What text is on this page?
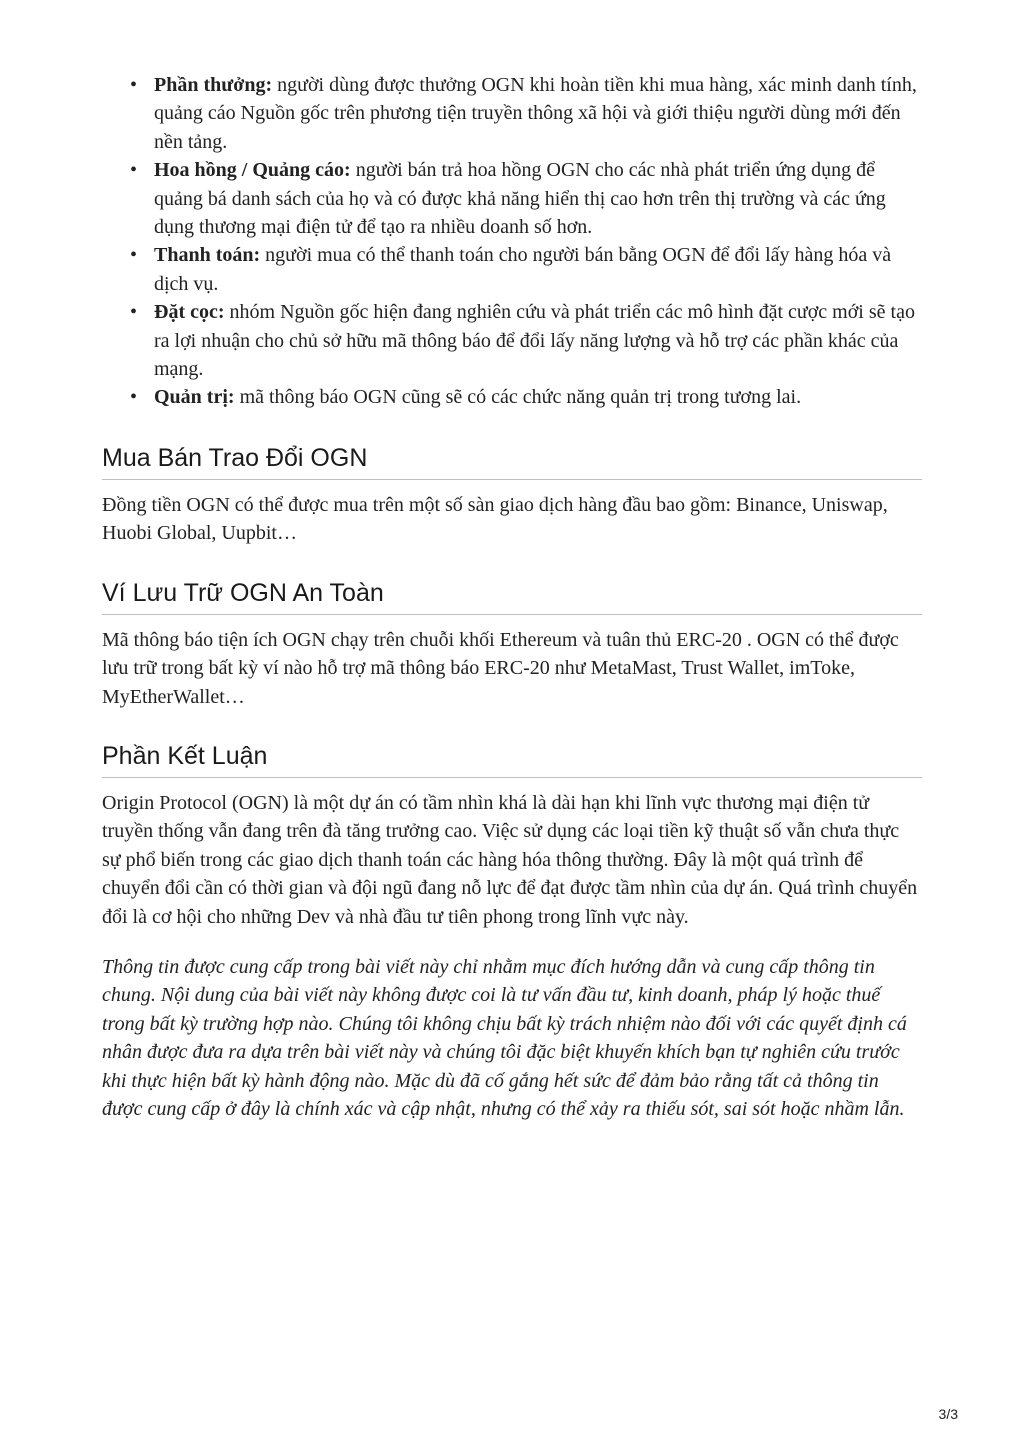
• Phần thưởng: người dùng được thưởng OGN khi hoàn tiền khi mua hàng, xác minh danh tính, quảng cáo Nguồn gốc trên phương tiện truyền thông xã hội và giới thiệu người dùng mới đến nền tảng.
• Hoa hồng / Quảng cáo: người bán trả hoa hồng OGN cho các nhà phát triển ứng dụng để quảng bá danh sách của họ và có được khả năng hiển thị cao hơn trên thị trường và các ứng dụng thương mại điện tử để tạo ra nhiều doanh số hơn.
• Thanh toán: người mua có thể thanh toán cho người bán bằng OGN để đổi lấy hàng hóa và dịch vụ.
• Đặt cọc: nhóm Nguồn gốc hiện đang nghiên cứu và phát triển các mô hình đặt cược mới sẽ tạo ra lợi nhuận cho chủ sở hữu mã thông báo để đổi lấy năng lượng và hỗ trợ các phần khác của mạng.
• Quản trị: mã thông báo OGN cũng sẽ có các chức năng quản trị trong tương lai.
Mua Bán Trao Đổi OGN

Đồng tiền OGN có thể được mua trên một số sàn giao dịch hàng đầu bao gồm: Binance, Uniswap, Huobi Global, Uupbit…

Ví Lưu Trữ OGN An Toàn

Mã thông báo tiện ích OGN chạy trên chuỗi khối Ethereum và tuân thủ ERC-20 . OGN có thể được lưu trữ trong bất kỳ ví nào hỗ trợ mã thông báo ERC-20 như MetaMast, Trust Wallet, imToke, MyEtherWallet…

Phần Kết Luận

Origin Protocol (OGN) là một dự án có tầm nhìn khá là dài hạn khi lĩnh vực thương mại điện tử truyền thống vẫn đang trên đà tăng trưởng cao. Việc sử dụng các loại tiền kỹ thuật số vẫn chưa thực sự phổ biến trong các giao dịch thanh toán các hàng hóa thông thường. Đây là một quá trình để chuyển đổi cần có thời gian và đội ngũ đang nỗ lực để đạt được tầm nhìn của dự án. Quá trình chuyển đổi là cơ hội cho những Dev và nhà đầu tư tiên phong trong lĩnh vực này.

Thông tin được cung cấp trong bài viết này chỉ nhằm mục đích hướng dẫn và cung cấp thông tin chung. Nội dung của bài viết này không được coi là tư vấn đầu tư, kinh doanh, pháp lý hoặc thuế trong bất kỳ trường hợp nào. Chúng tôi không chịu bất kỳ trách nhiệm nào đối với các quyết định cá nhân được đưa ra dựa trên bài viết này và chúng tôi đặc biệt khuyến khích bạn tự nghiên cứu trước khi thực hiện bất kỳ hành động nào. Mặc dù đã cố gắng hết sức để đảm bảo rằng tất cả thông tin được cung cấp ở đây là chính xác và cập nhật, nhưng có thể xảy ra thiếu sót, sai sót hoặc nhầm lẫn.

3/3
